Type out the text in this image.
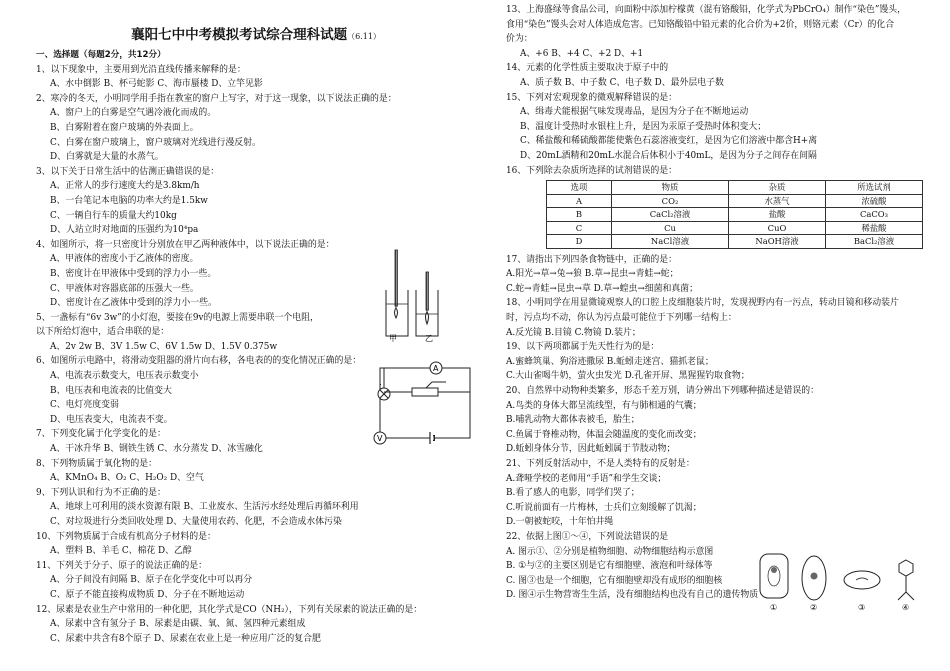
襄阳七中中考模拟考试综合理科试题（6.11）
一、选择题（每题2分，共12分）
1、以下现象中，主要用到光沿直线传播来解释的是：
A、水中倒影 B、杯弓蛇影 C、海市蜃楼 D、立竿见影
2、寒冷的冬天，小明同学用手指在教室的窗户上写字，对于这一现象，以下说法正确的是：
A、窗户上的白雾是空气遇冷液化而成的。
B、白雾附着在窗户玻璃的外表面上。
C、白雾在窗户玻璃上，窗户玻璃对光线进行漫反射。
D、白雾就是大量的水蒸气。
3、以下关于日常生活中的估测正确错误的是：
A、正常人的步行速度大约是3.8km/h
B、一台笔记本电脑的功率大约是1.5kw
C、一辆自行车的质量大约10kg
D、人站立时对地面的压强约为10⁴pa
4、如图所示，将一只密度计分别放在甲乙两种液体中，以下说法正确的是：
A、甲液体的密度小于乙液体的密度。
B、密度计在甲液体中受到的浮力小一些。
C、甲液体对容器底部的压强大一些。
D、密度计在乙液体中受到的浮力小一些。
5、一盏标有“6v 3w”的小灯泡，要接在9v的电源上需要串联一个电阻，
以下所给灯泡中，适合串联的是：
A、2v 2w B、3V 1.5w C、6V 1.5w D、1.5V 0.375w
6、如图所示电路中，将滑动变阻器的滑片向右移，各电表的的变化情况正确的是：
A、电流表示数变大，电压表示数变小
B、电压表和电流表的比值变大
C、电灯亮度变弱
D、电压表变大，电流表不变。
7、下列变化属于化学变化的是：
A、干冰升华 B、钢铁生锈 C、水分蒸发 D、冰雪融化
8、下列物质属于氧化物的是：
A、KMnO₄ B、O₂ C、H₂O₂ D、空气
9、下列认识和行为不正确的是：
A、地球上可利用的淡水资源有限 B、工业废水、生活污水经处理后再循环利用
C、对垃圾进行分类回收处理 D、大量使用农药、化肥，不会造成水体污染
10、下列物质属于合成有机高分子材料的是：
A、塑料 B、羊毛 C、棉花 D、乙醇
11、下列关于分子、原子的说法正确的是：
A、分子间没有间隔 B、原子在化学变化中可以再分
C、原子不能直接构成物质 D、分子在不断地运动
12、尿素是农业生产中常用的一种化肥，其化学式是CO（NH₂），下列有关尿素的说法正确的是：
A、尿素中含有氢分子 B、尿素是由碳、氧、氮、氢四种元素组成
C、尿素中共含有8个原子 D、尿素在农业上是一种应用广泛的复合肥
13、上海盛绿等食品公司，向面粉中添加柠檬黄（混有铬酸铅，化学式为PbCrO₄）制作“染色”馒头，
食用“染色”馒头会对人体造成危害。已知铬酸铅中铅元素的化合价为+2价，则铬元素（Cr）的化合
价为：
A、+6 B、+4 C、+2 D、+1
14、元素的化学性质主要取决于原子中的
A、质子数 B、中子数 C、电子数 D、最外层电子数
15、下列对宏观现象的微观解释错误的是：
A、缉毒犬能根据气味发现毒品，是因为分子在不断地运动
B、温度计受热时水银柱上升，是因为汞原子受热时体积变大；
C、稀盐酸和稀硫酸都能使紫色石蕊溶液变红，是因为它们溶液中都含H+离
D、20mL酒精和20mL水混合后体积小于40mL，是因为分子之间存在间隔
16、下列除去杂质所选择的试剂错误的是：
选项	物质	杂质	所选试剂
A	CO₂	水蒸气	浓硫酸
B	CaCl₂溶液	盐酸	CaCO₃
C	Cu	CuO	稀盐酸
D	NaCl溶液	NaOH溶液	BaCl₂溶液
17、请指出下列四条食物链中，正确的是：
A.阳光→草→兔→狼 B.草→昆虫→青蛙→蛇；
C.蛇→青蛙→昆虫→草 D.草→蝗虫→细菌和真菌；
18、小明同学在用显微镜观察人的口腔上皮细胞装片时，发现视野内有一污点，转动目镜和移动装片
时，污点均不动，你认为污点最可能位于下列哪一结构上：
A.反光镜 B.目镜 C.物镜 D.装片；
19、以下两项都属于先天性行为的是：
A.蜜蜂筑巢、狗浴迹撒尿 B.蚯蚓走迷宫、猫抓老鼠；
C.大山雀喝牛奶，萤火虫发光 D.孔雀开屏、黑猩猩钓取食物；
20、自然界中动物种类繁多，形态千差万别，请分辨出下列哪种描述是错误的：
A.鸟类的身体大都呈流线型，有与肺相通的气囊；
B.哺乳动物大都体表被毛，胎生；
C.鱼属于脊椎动物，体温会随温度的变化而改变；
D.蚯蚓身体分节，因此蚯蚓属于节肢动物；
21、下列反射活动中，不是人类特有的反射是：
A.聋哑学校的老师用“手语”和学生交谈；
B.看了感人的电影，同学们哭了；
C.听说前面有一片梅林，士兵们立刻缓解了饥渴；
D.一朝被蛇咬，十年怕井绳
22、依据上图①～④，下列说法错误的是
A. 图示①、②分别是植物细胞、动物细胞结构示意图
B. ①与②的主要区别是它有细胞壁、液泡和叶绿体等
C. 图③也是一个细胞，它有细胞壁却没有成形的细胞核
D. 图④示生物营寄生生活，没有细胞结构也没有自己的遗传物质
甲	乙
A
V
①	②	③	④
